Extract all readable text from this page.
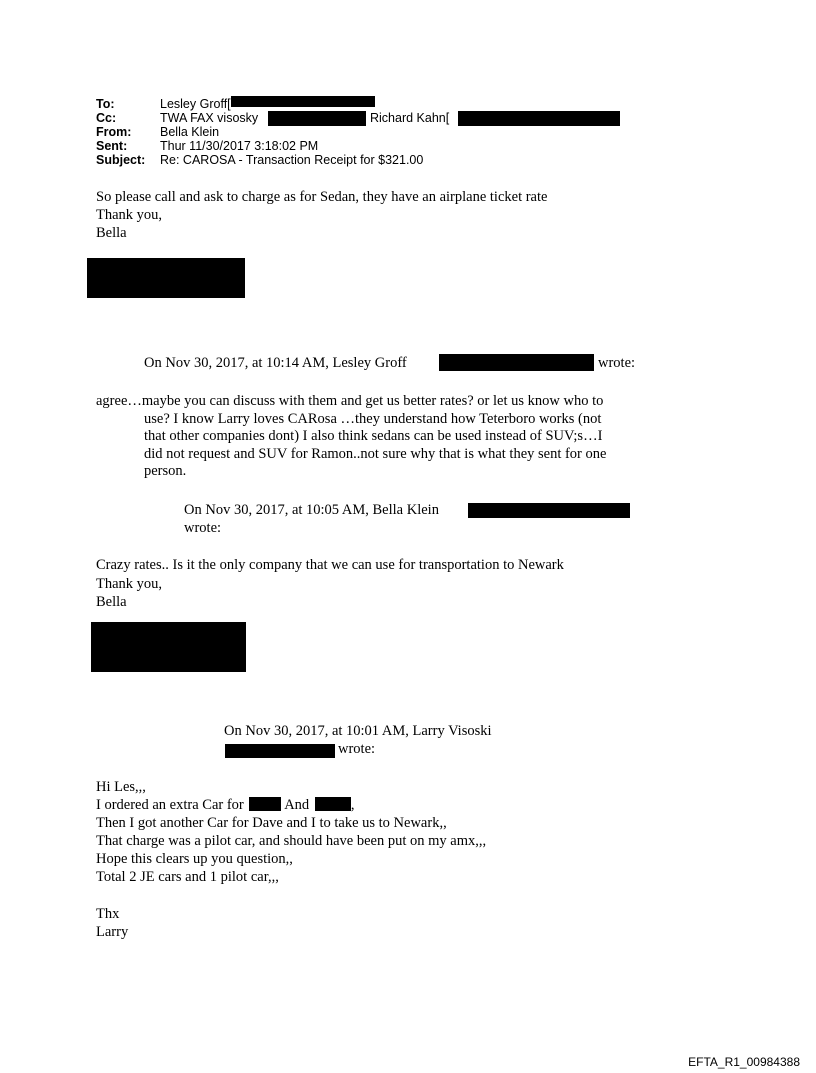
To:	Lesley Groff[
Cc:	TWA FAX visosky	Richard Kahn[
From: Bella Klein
Sent:	Thur 11/30/2017 3:18:02 PM
Subject: Re: CAROSA - Transaction Receipt for $321.00
So please call and ask to charge as for Sedan, they have an airplane ticket rate
Thank you,
Bella
On Nov 30, 2017, at 10:14 AM, Lesley Groff	wrote:
agree…maybe you can discuss with them and get us better rates? or let us know who to
use? I know Larry loves CARosa …they understand how Teterboro works (not
that other companies dont) I also think sedans can be used instead of SUV;s…I
did not request and SUV for Ramon..not sure why that is what they sent for one
person.
On Nov 30, 2017, at 10:05 AM, Bella Klein
wrote:
Crazy rates.. Is it the only company that we can use for transportation to Newark
Thank you,
Bella
On Nov 30, 2017, at 10:01 AM, Larry Visoski
wrote:
Hi Les,,,
I ordered an extra Car for	And	,
Then I got another Car for Dave and I to take us to Newark,,
That charge was a pilot car, and should have been put on my amx,,,
Hope this clears up you question,,
Total 2 JE cars and 1 pilot car,,,
Thx
Larry
EFTA_R1_00984388
